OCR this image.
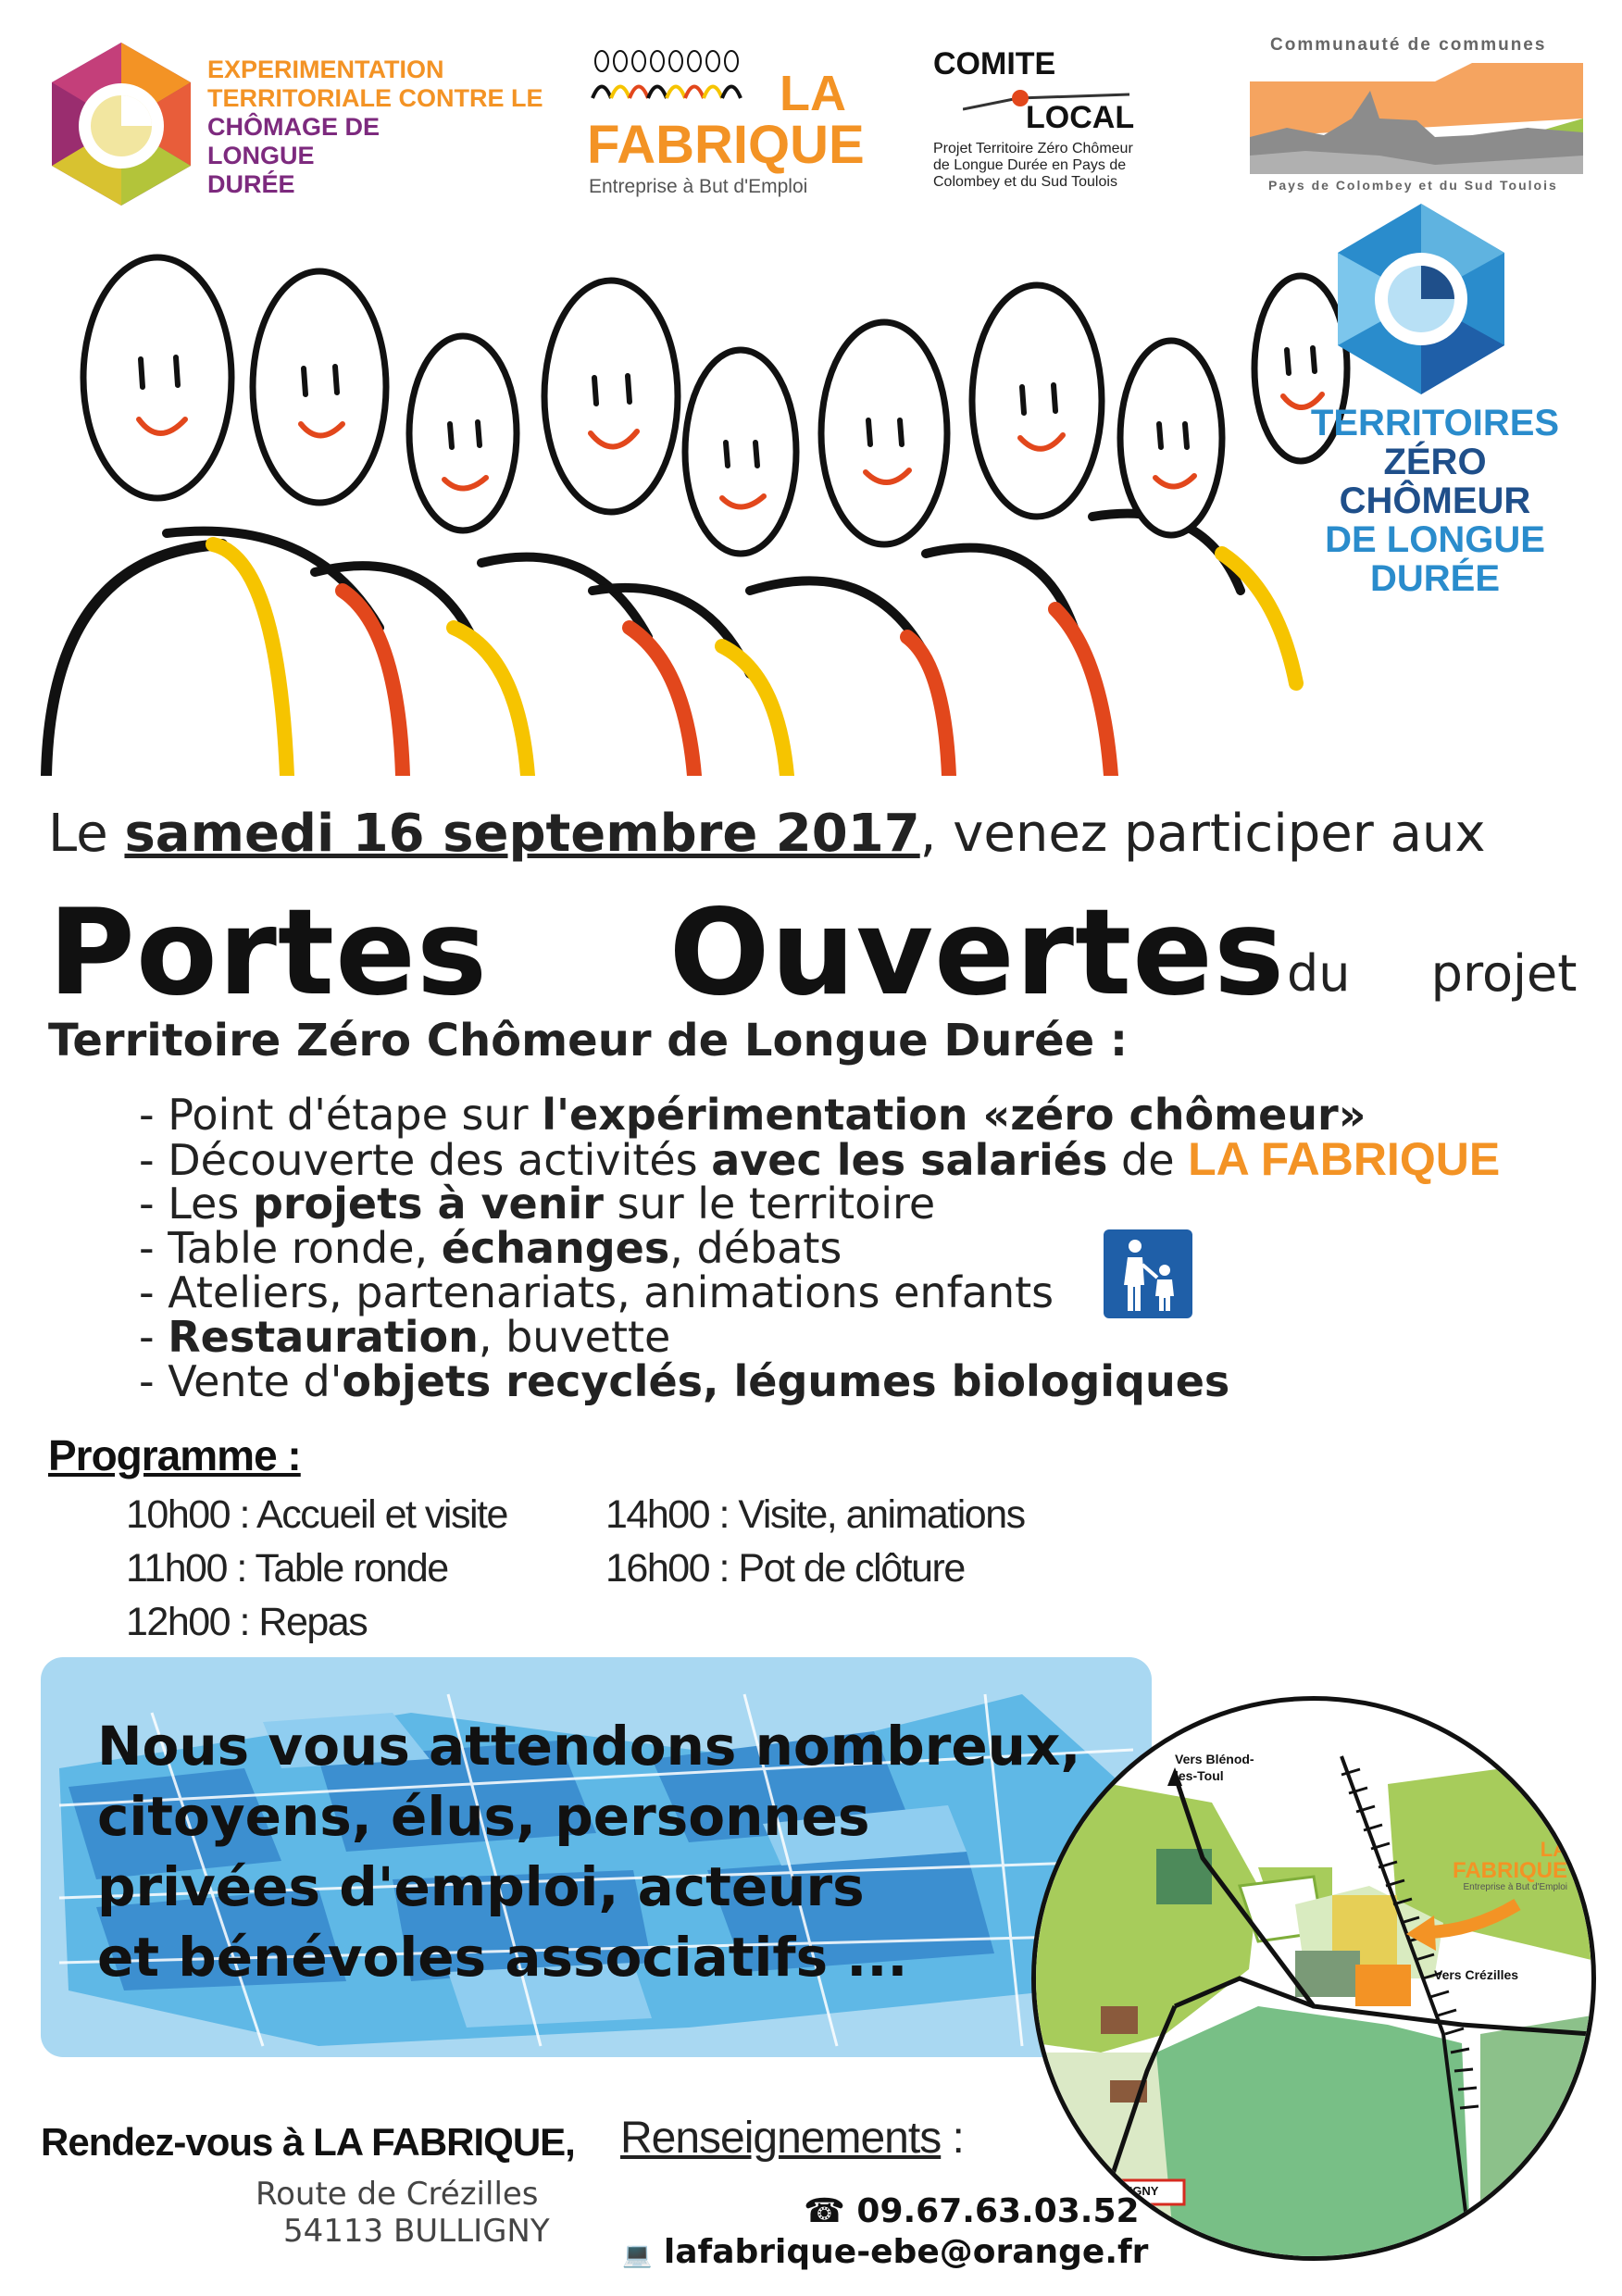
EXPERIMENTATION
TERRITORIALE CONTRE LE
CHÔMAGE DE
LONGUE
DURÉE
LA
FABRIQUE
Entreprise à But d'Emploi
COMITE
LOCAL
Projet Territoire Zéro Chômeur
de Longue Durée en Pays de
Colombey et du Sud Toulois
Communauté de communes
Pays de Colombey et du Sud Toulois
TERRITOIRES
ZÉRO CHÔMEUR
DE LONGUE
DURÉE
Le samedi 16 septembre 2017, venez participer aux
Portes Ouvertes du projet
Territoire Zéro Chômeur de Longue Durée :
- Point d'étape sur l'expérimentation «zéro chômeur»
- Découverte des activités avec les salariés de LA FABRIQUE
- Les projets à venir sur le territoire
- Table ronde, échanges, débats
- Ateliers, partenariats, animations enfants
- Restauration, buvette
- Vente d'objets recyclés, légumes biologiques
Programme :
10h00 : Accueil et visite
11h00 : Table ronde
12h00 : Repas
14h00 : Visite, animations
16h00 : Pot de clôture
Nous vous attendons nombreux,
citoyens, élus, personnes
privées d'emploi, acteurs
et bénévoles associatifs ...
Vers Blénod-
les-Toul
Vers Crézilles
BULLIGNY
LA
FABRIQUE
Entreprise à But d'Emploi
Rendez-vous à LA FABRIQUE,
Route de Crézilles
54113 BULLIGNY
Renseignements :
☎ 09.67.63.03.52
💻 lafabrique-ebe@orange.fr
